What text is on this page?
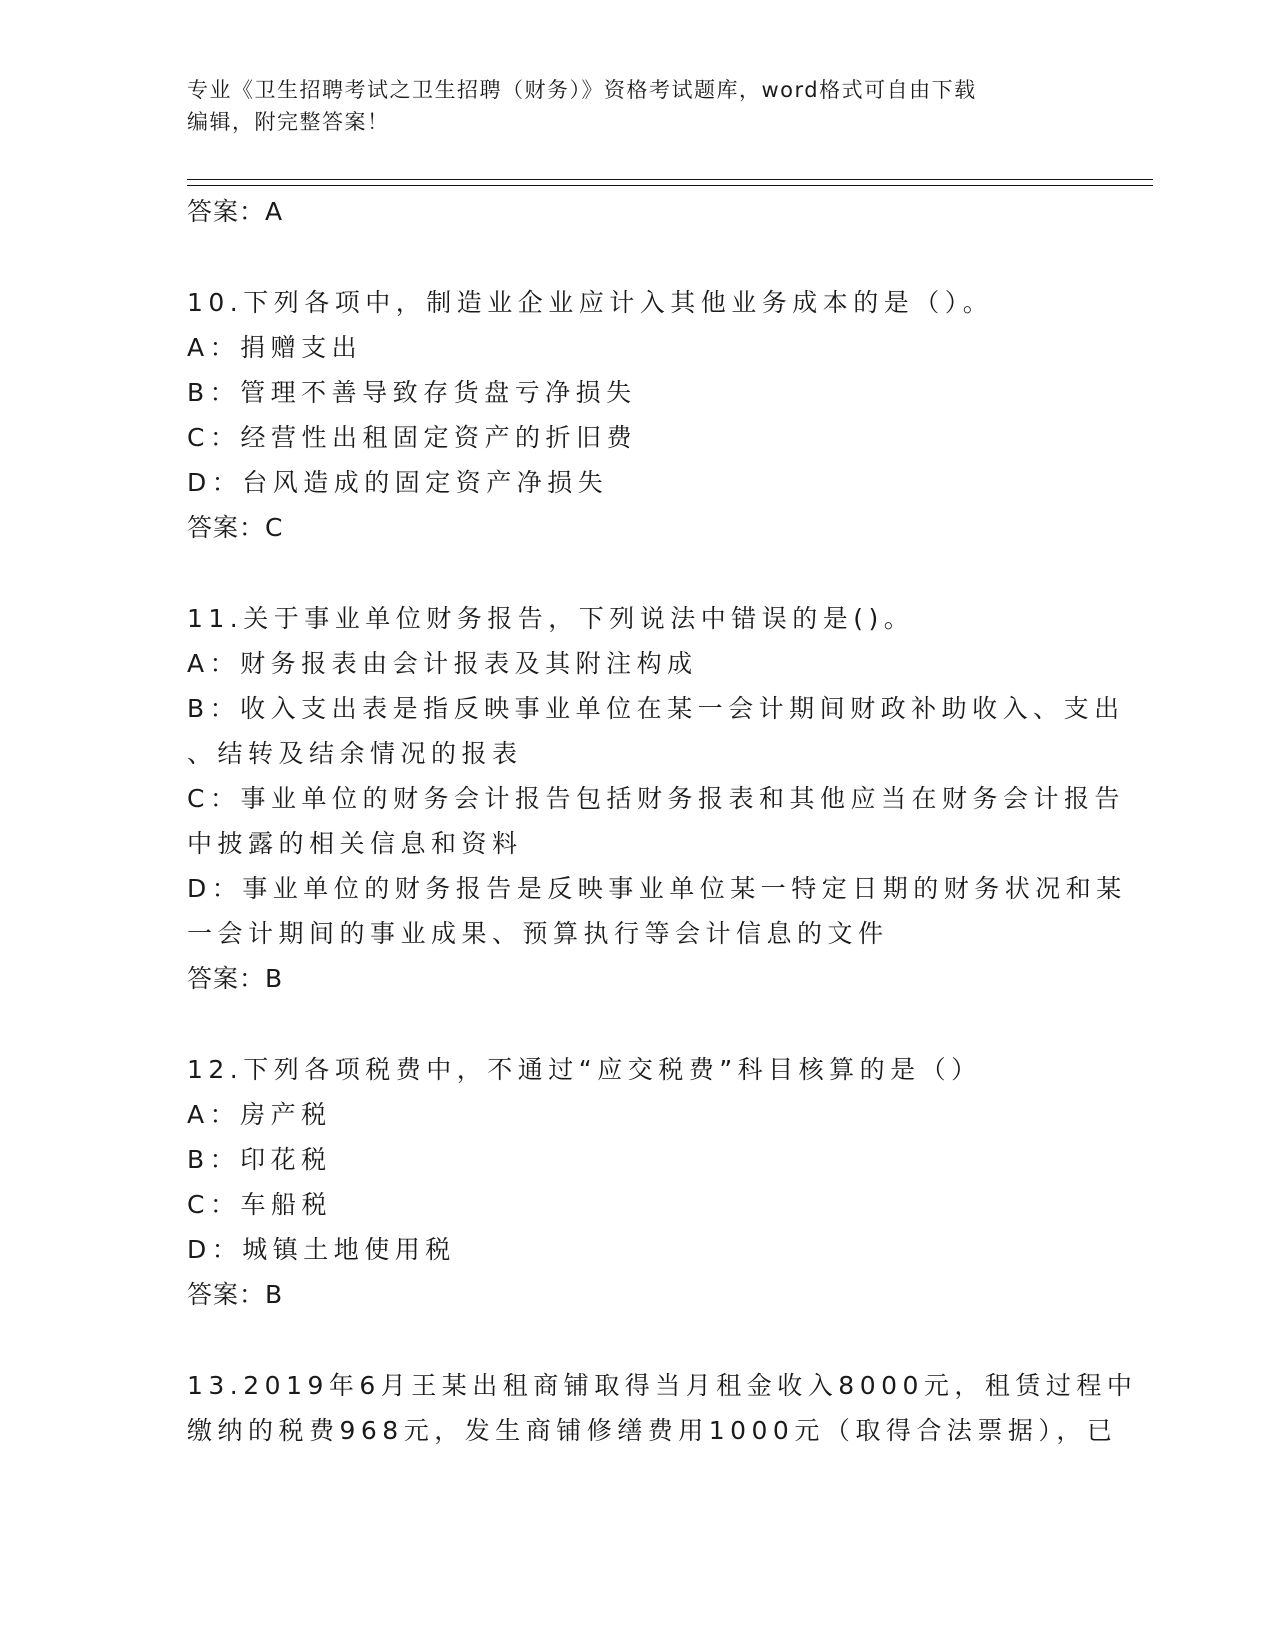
专业《卫生招聘考试之卫生招聘（财务）》资格考试题库，word格式可自由下载
编辑，附完整答案！
答案：A
10.下列各项中，制造业企业应计入其他业务成本的是（）。
A：捐赠支出
B：管理不善导致存货盘亏净损失
C：经营性出租固定资产的折旧费
D：台风造成的固定资产净损失
答案：C
11.关于事业单位财务报告，下列说法中错误的是()。
A：财务报表由会计报表及其附注构成
B：收入支出表是指反映事业单位在某一会计期间财政补助收入、支出
、结转及结余情况的报表
C：事业单位的财务会计报告包括财务报表和其他应当在财务会计报告
中披露的相关信息和资料
D：事业单位的财务报告是反映事业单位某一特定日期的财务状况和某
一会计期间的事业成果、预算执行等会计信息的文件
答案：B
12.下列各项税费中，不通过“应交税费”科目核算的是（）
A：房产税
B：印花税
C：车船税
D：城镇土地使用税
答案：B
13.2019年6月王某出租商铺取得当月租金收入8000元，租赁过程中
缴纳的税费968元，发生商铺修缮费用1000元（取得合法票据），已
